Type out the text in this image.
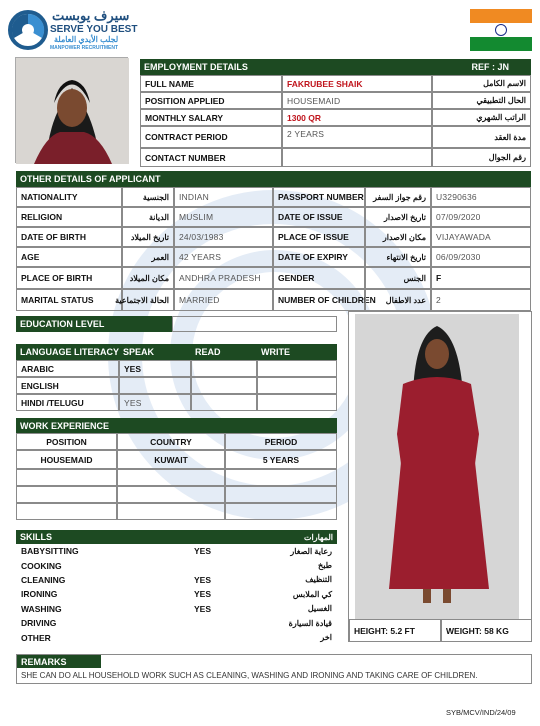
سيرف يوبست
SERVE YOU BEST
لجلب الأيدي العاملة
MANPOWER RECRUITMENT
EMPLOYMENT DETAILS	REF : JN
FULL NAME	FAKRUBEE SHAIK	الاسم الكامل
POSITION APPLIED	HOUSEMAID	الحال التطبيقي
MONTHLY SALARY	1300 QR	الراتب الشهري
CONTRACT PERIOD	2 YEARS	مدة العقد
CONTACT NUMBER	رقم الجوال
OTHER DETAILS OF APPLICANT
NATIONALITY	الجنسية	INDIAN	PASSPORT NUMBER	رقم جواز السفر	U3290636
RELIGION	الديانة	MUSLIM	DATE OF ISSUE	تاريخ الاصدار	07/09/2020
DATE OF BIRTH	تاريخ الميلاد	24/03/1983	PLACE OF ISSUE	مكان الاصدار	VIJAYAWADA
AGE	العمر	42 YEARS	DATE OF EXPIRY	تاريخ الانتهاء	06/09/2030
PLACE OF BIRTH	مكان الميلاد	ANDHRA PRADESH	GENDER	الجنس	F
MARITAL STATUS	الحالة الاجتماعية	MARRIED	NUMBER OF CHILDREN	عدد الاطفال	2
EDUCATION LEVEL
LANGUAGE LITERACY SPEAK	READ	WRITE
ARABIC	YES
ENGLISH
HINDI /TELUGU	YES
WORK EXPERIENCE
POSITION	COUNTRY	PERIOD
HOUSEMAID	KUWAIT	5 YEARS
SKILLS	المهارات
BABYSITTING	YES	رعاية الصغار
COOKING	طبخ
CLEANING	YES	التنظيف
IRONING	YES	كي الملابس
WASHING	YES	الغسيل
DRIVING	قيادة السيارة
OTHER	اخر
HEIGHT: 5.2 FT	WEIGHT: 58 KG
REMARKS
SHE CAN DO ALL HOUSEHOLD WORK SUCH AS CLEANING, WASHING AND IRONING AND TAKING CARE OF CHILDREN.
SYB/MCV/IND/24/09
